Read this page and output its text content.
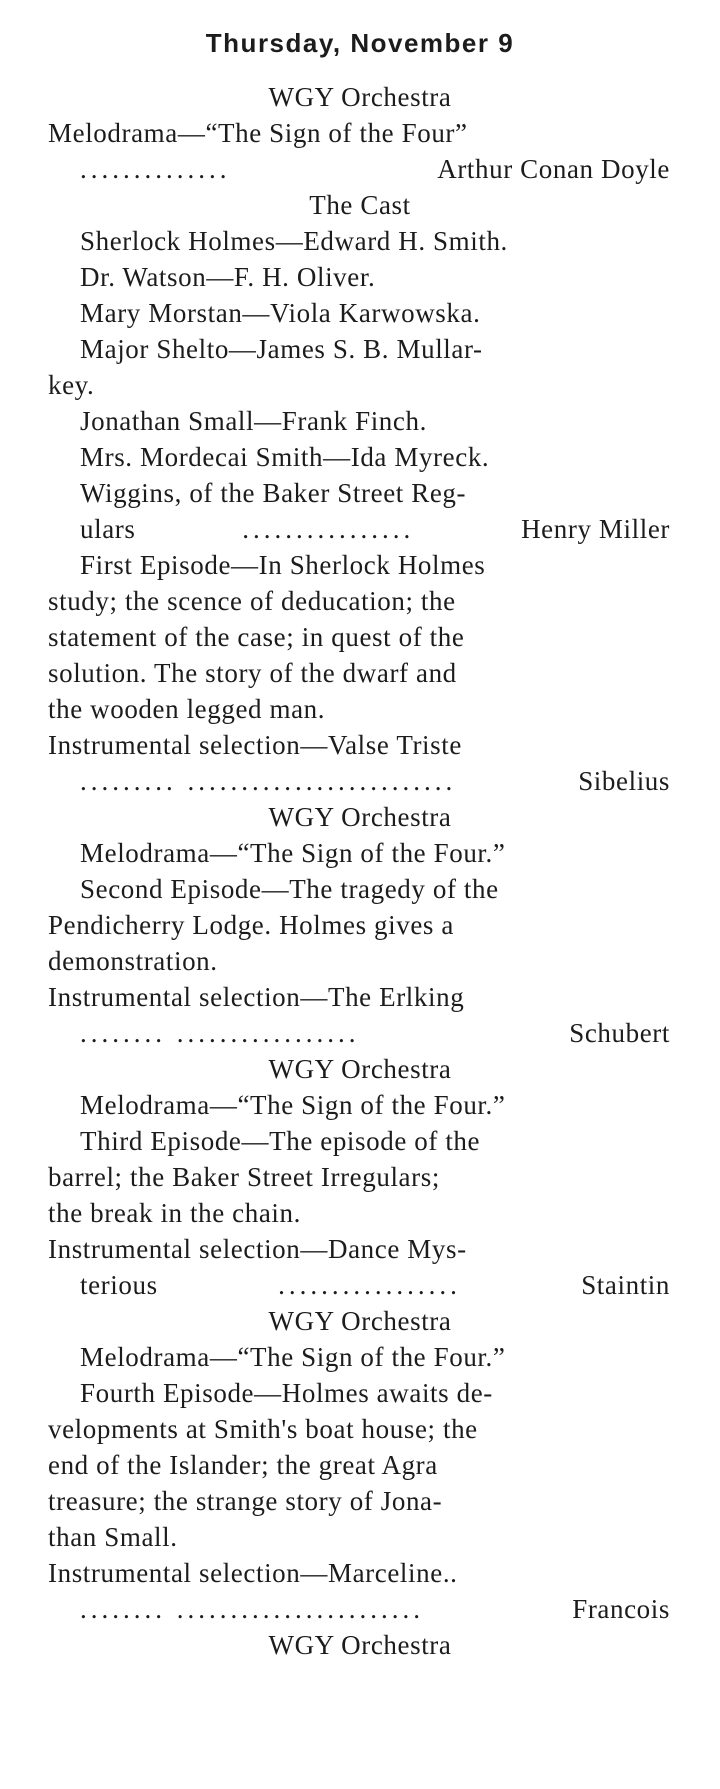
Thursday, November 9
WGY Orchestra
Melodrama—“The Sign of the Four”
..............	Arthur Conan Doyle
The Cast
Sherlock Holmes—Edward H. Smith.
Dr. Watson—F. H. Oliver.
Mary Morstan—Viola Karwowska.
Major Shelto—James S. B. Mullar-
key.
Jonathan Small—Frank Finch.
Mrs. Mordecai Smith—Ida Myreck.
Wiggins, of the Baker Street Reg-
ulars	................	Henry Miller
First Episode—In Sherlock Holmes
study; the scence of deducation; the
statement of the case; in quest of the
solution. The story of the dwarf and
the wooden legged man.
Instrumental selection—Valse Triste
......... .........................	Sibelius
WGY Orchestra
Melodrama—“The Sign of the Four.”
Second Episode—The tragedy of the
Pendicherry Lodge. Holmes gives a
demonstration.
Instrumental selection—The Erlking
........ .................	Schubert
WGY Orchestra
Melodrama—“The Sign of the Four.”
Third Episode—The episode of the
barrel; the Baker Street Irregulars;
the break in the chain.
Instrumental selection—Dance Mys-
terious	.................	Staintin
WGY Orchestra
Melodrama—“The Sign of the Four.”
Fourth Episode—Holmes awaits de-
velopments at Smith's boat house; the
end of the Islander; the great Agra
treasure; the strange story of Jona-
than Small.
Instrumental selection—Marceline..
........ .......................	Francois
WGY Orchestra
